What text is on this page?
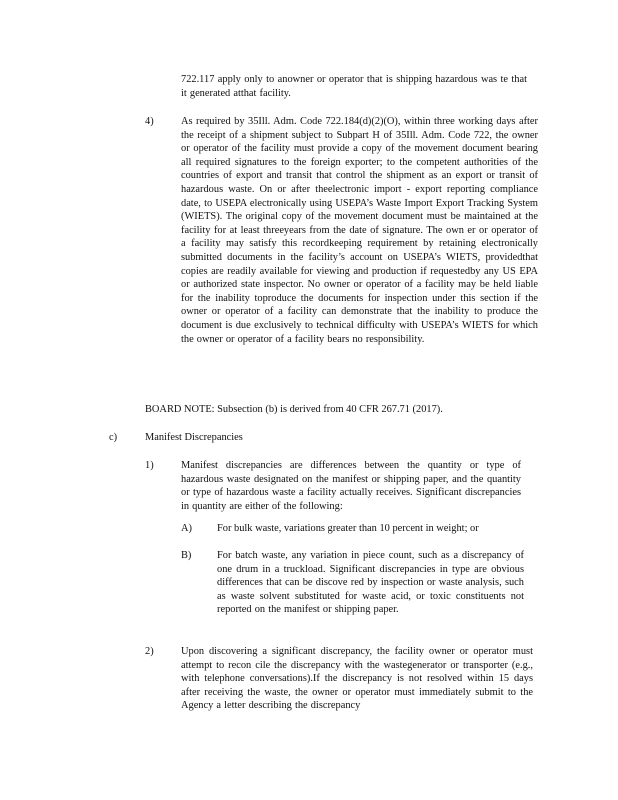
722.117 apply only to anowner or operator that is shipping hazardous was te that it generated atthat facility.
4)	As required by 35Ill. Adm. Code 722.184(d)(2)(O), within three working days after the receipt of a shipment subject to Subpart H of 35Ill. Adm. Code 722, the owner or operator of the facility must provide a copy of the movement document bearing all required signatures to the foreign exporter; to the competent authorities of the countries of export and transit that control the shipment as an export or transit of hazardous waste. On or after theelectronic import - export reporting compliance date, to USEPA electronically using USEPA’s Waste Import Export Tracking System (WIETS). The original copy of the movement document must be maintained at the facility for at least threeyears from the date of signature. The own er or operator of a facility may satisfy this recordkeeping requirement by retaining electronically submitted documents in the facility’s account on USEPA’s WIETS, providedthat copies are readily available for viewing and production if requestedby any US EPA or authorized state inspector. No owner or operator of a facility may be held liable for the inability toproduce the documents for inspection under this section if the owner or operator of a facility can demonstrate that the inability to produce the document is due exclusively to technical difficulty with USEPA’s WIETS for which the owner or operator of a facility bears no responsibility.
BOARD NOTE: Subsection (b) is derived from 40 CFR 267.71 (2017).
c)	Manifest Discrepancies
1)	Manifest discrepancies are differences between the quantity or type of hazardous waste designated on the manifest or shipping paper, and the quantity or type of hazardous waste a facility actually receives. Significant discrepancies in quantity are either of the following:
A) For bulk waste, variations greater than 10 percent in weight; or
B) For batch waste, any variation in piece count, such as a discrepancy of one drum in a truckload. Significant discrepancies in type are obvious differences that can be discove red by inspection or waste analysis, such as waste solvent substituted for waste acid, or toxic constituents not reported on the manifest or shipping paper.
2)	Upon discovering a significant discrepancy, the facility owner or operator must attempt to recon cile the discrepancy with the wastegenerator or transporter (e.g., with telephone conversations).If the discrepancy is not resolved within 15 days after receiving the waste, the owner or operator must immediately submit to the Agency a letter describing the discrepancy
